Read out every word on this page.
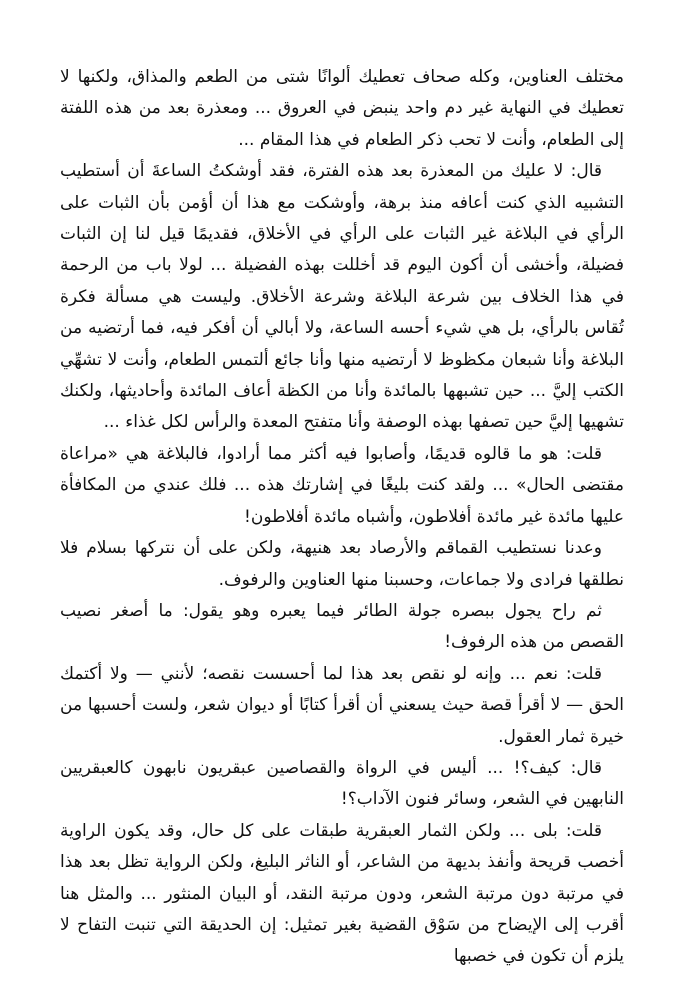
مختلف العناوين، وكله صحاف تعطيك ألوانًا شتى من الطعم والمذاق، ولكنها لا تعطيك في النهاية غير دم واحد ينبض في العروق ... ومعذرة بعد من هذه اللفتة إلى الطعام، وأنت لا تحب ذكر الطعام في هذا المقام ...

قال: لا عليك من المعذرة بعد هذه الفترة، فقد أوشكتُ الساعةَ أن أستطيب التشبيه الذي كنت أعافه منذ برهة، وأوشكت مع هذا أن أؤمن بأن الثبات على الرأي في البلاغة غير الثبات على الرأي في الأخلاق، فقديمًا قيل لنا إن الثبات فضيلة، وأخشى أن أكون اليوم قد أخللت بهذه الفضيلة ... لولا باب من الرحمة في هذا الخلاف بين شرعة البلاغة وشرعة الأخلاق. وليست هي مسألة فكرة تُقاس بالرأي، بل هي شيء أحسه الساعة، ولا أبالي أن أفكر فيه، فما أرتضيه من البلاغة وأنا شبعان مكظوظ لا أرتضيه منها وأنا جائع ألتمس الطعام، وأنت لا تشهِّي الكتب إليَّ ... حين تشبهها بالمائدة وأنا من الكظة أعاف المائدة وأحاديثها، ولكنك تشهيها إليَّ حين تصفها بهذه الوصفة وأنا متفتح المعدة والرأس لكل غذاء ...

قلت: هو ما قالوه قديمًا، وأصابوا فيه أكثر مما أرادوا، فالبلاغة هي «مراعاة مقتضى الحال» ... ولقد كنت بليغًا في إشارتك هذه ... فلك عندي من المكافأة عليها مائدة غير مائدة أفلاطون، وأشباه مائدة أفلاطون!

وعدنا نستطيب القماقم والأرصاد بعد هنيهة، ولكن على أن نتركها بسلام فلا نطلقها فرادى ولا جماعات، وحسبنا منها العناوين والرفوف.

ثم راح يجول ببصره جولة الطائر فيما يعبره وهو يقول: ما أصغر نصيب القصص من هذه الرفوف!

قلت: نعم ... وإنه لو نقص بعد هذا لما أحسست نقصه؛ لأنني — ولا أكتمك الحق — لا أقرأ قصة حيث يسعني أن أقرأ كتابًا أو ديوان شعر، ولست أحسبها من خيرة ثمار العقول.

قال: كيف؟! ... أليس في الرواة والقصاصين عبقريون نابهون كالعبقريين النابهين في الشعر، وسائر فنون الآداب؟!

قلت: بلى ... ولكن الثمار العبقرية طبقات على كل حال، وقد يكون الراوية أخصب قريحة وأنفذ بديهة من الشاعر، أو الناثر البليغ، ولكن الرواية تظل بعد هذا في مرتبة دون مرتبة الشعر، ودون مرتبة النقد، أو البيان المنثور ... والمثل هنا أقرب إلى الإيضاح من سَوْق القضية بغير تمثيل: إن الحديقة التي تنبت التفاح لا يلزم أن تكون في خصبها
